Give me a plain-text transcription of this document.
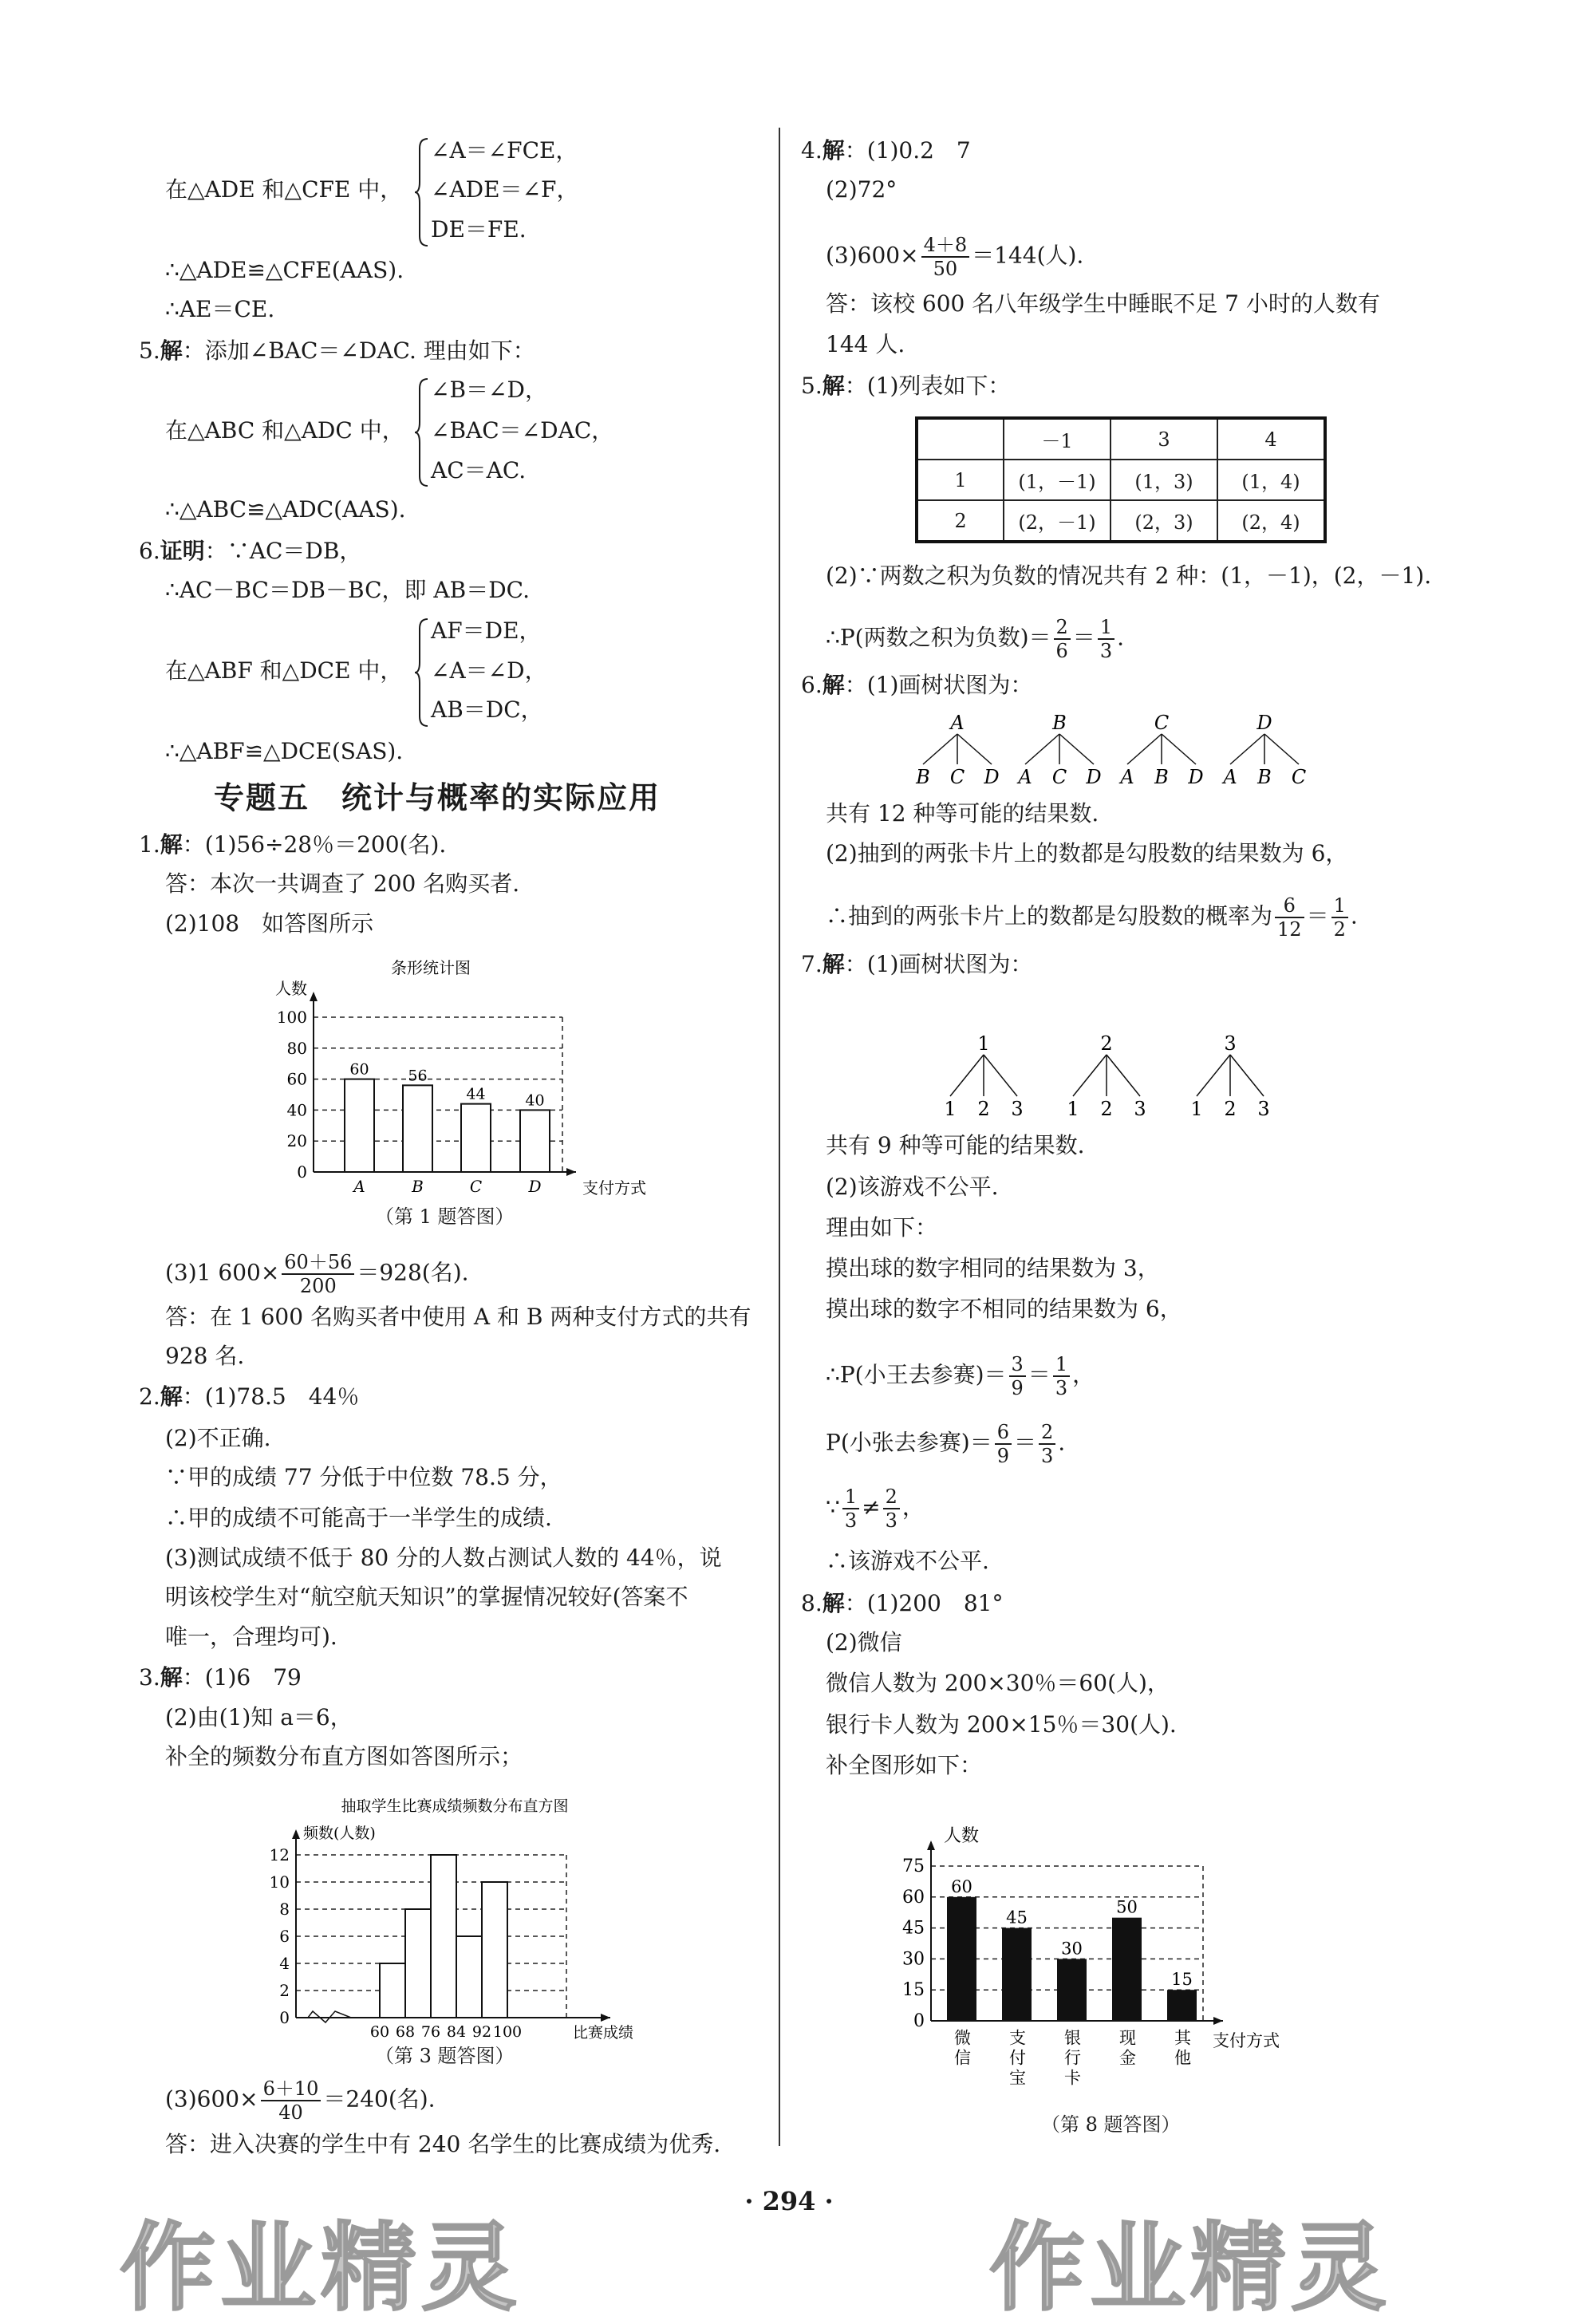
在△ADE 和△CFE 中，
∠A＝∠FCE，
∠ADE＝∠F，
DE＝FE.
∴△ADE≌△CFE(AAS).
∴AE＝CE.
5.解：添加∠BAC＝∠DAC. 理由如下：
在△ABC 和△ADC 中，
∠B＝∠D，
∠BAC＝∠DAC，
AC＝AC.
∴△ABC≌△ADC(AAS).
6.证明：∵AC＝DB，
∴AC－BC＝DB－BC，即 AB＝DC.
在△ABF 和△DCE 中，
AF＝DE，
∠A＝∠D，
AB＝DC，
∴△ABF≌△DCE(SAS).
专题五　统计与概率的实际应用
1.解：(1)56÷28％＝200(名).
答：本次一共调查了 200 名购买者.
(2)108　如答图所示
0
20
40
60
80
100
60
A
56
B
44
C
40
D
条形统计图
人数
支付方式
（第 1 题答图）
(3)1 $600\times \frac{60+56}{200} =928$(名).
答：在 1 600 名购买者中使用 A 和 B 两种支付方式的共有
928 名.
2.解：(1)78.5　44％
(2)不正确.
∵甲的成绩 77 分低于中位数 78.5 分，
∴甲的成绩不可能高于一半学生的成绩.
(3)测试成绩不低于 80 分的人数占测试人数的 44％，说
明该校学生对“航空航天知识”的掌握情况较好(答案不
唯一，合理均可).
3.解：(1)6　79
(2)由(1)知 a＝6，
补全的频数分布直方图如答图所示；
0
2
4
6
8
10
12
60 68 76 84 92 100
抽取学生比赛成绩频数分布直方图
频数(人数)
比赛成绩
（第 3 题答图）
$(3)600\times \frac{6+10}{40} =240$(名).
答：进入决赛的学生中有 240 名学生的比赛成绩为优秀.
4.解：(1)0.2　7
(2)72°
$(3)600\times \frac{4+8}{50} =144$(人).
答：该校 600 名八年级学生中睡眠不足 7 小时的人数有
144 人.
5.解：(1)列表如下：
	－1	3	4
1	(1，－1)	(1，3)	(1，4)
2	(2，－1)	(2，3)	(2，4)
(2)∵两数之积为负数的情况共有 2 种：(1，－1)，(2，－1).
∴P(两数之积为负数)＝ $\frac{2}{6} = \frac{1}{3}$ .
6.解：(1)画树状图为：
A
B C D
B
A C D
C
A B D
D
A B C
共有 12 种等可能的结果数.
(2)抽到的两张卡片上的数都是勾股数的结果数为 6，
∴抽到的两张卡片上的数都是勾股数的概率为 $\frac{6}{12} = \frac{1}{2}$ .
7.解：(1)画树状图为：
1
1 2 3
2
1 2 3
3
1 2 3
共有 9 种等可能的结果数.
(2)该游戏不公平.
理由如下：
摸出球的数字相同的结果数为 3，
摸出球的数字不相同的结果数为 6，
∴P(小王去参赛)＝ $\frac{3}{9} = \frac{1}{3}$ ，
P(小张去参赛)＝ $\frac{6}{9} = \frac{2}{3}$ .
∵ $\frac{1}{3} \ne \frac{2}{3}$ ，
∴该游戏不公平.
8.解：(1)200　81°
(2)微信
微信人数为 200×30％＝60(人)，
银行卡人数为 200×15％＝30(人).
补全图形如下：
0
15
30
45
60
75
60
微信
45
支付宝
30
银行卡
50
现金
15
其他
人数
支付方式
（第 8 题答图）
作业精灵	作业精灵
· 294 ·
